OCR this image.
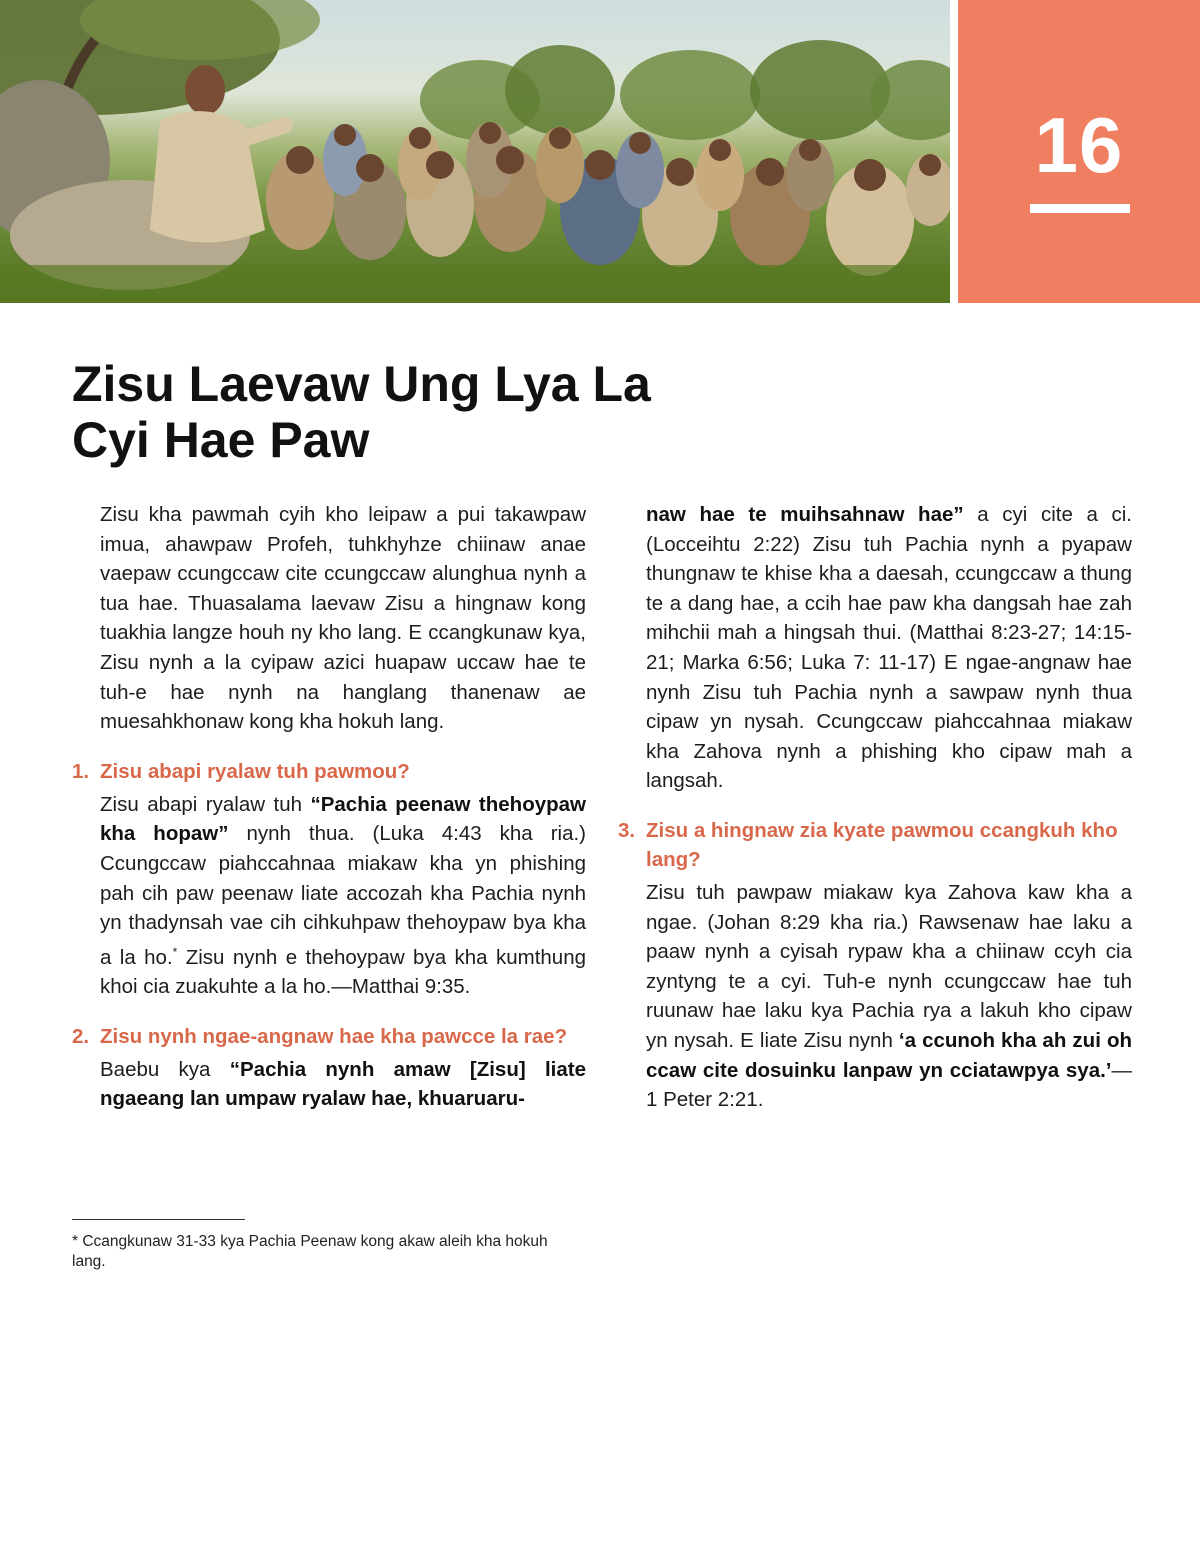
16
Zisu Laevaw Ung Lya La
Cyi Hae Paw

Zisu kha pawmah cyih kho leipaw a pui takawpaw imua, ahawpaw Profeh, tuhkhyhze chiinaw anae vaepaw ccungccaw cite ccungccaw alunghua nynh a tua hae. Thuasalama laevaw Zisu a hingnaw kong tuakhia langze houh ny kho lang. E ccangkunaw kya, Zisu nynh a la cyipaw azici huapaw uccaw hae te tuh-e hae nynh na hanglang thanenaw ae muesahkhonaw kong kha hokuh lang.

1. Zisu abapi ryalaw tuh pawmou?

Zisu abapi ryalaw tuh “Pachia peenaw thehoypaw kha hopaw” nynh thua. (Luka 4:43 kha ria.) Ccungccaw piahccahnaa miakaw kha yn phishing pah cih paw peenaw liate accozah kha Pachia nynh yn thadynsah vae cih cihkuhpaw thehoypaw bya kha a la ho.* Zisu nynh e thehoypaw bya kha kumthung khoi cia zuakuhte a la ho.—Matthai 9:35.

2. Zisu nynh ngae-angnaw hae kha pawcce la rae?

Baebu kya “Pachia nynh amaw [Zisu] liate ngaeang lan umpaw ryalaw hae, khuaruaru-

naw hae te muihsahnaw hae” a cyi cite a ci. (Locceihtu 2:22) Zisu tuh Pachia nynh a pyapaw thungnaw te khise kha a daesah, ccungccaw a thung te a dang hae, a ccih hae paw kha dangsah hae zah mihchii mah a hingsah thui. (Matthai 8:23-27; 14:15-21; Marka 6:56; Luka 7: 11-17) E ngae-angnaw hae nynh Zisu tuh Pachia nynh a sawpaw nynh thua cipaw yn nysah. Ccungccaw piahccahnaa miakaw kha Zahova nynh a phishing kho cipaw mah a langsah.

3. Zisu a hingnaw zia kyate pawmou ccangkuh kho lang?

Zisu tuh pawpaw miakaw kya Zahova kaw kha a ngae. (Johan 8:29 kha ria.) Rawsenaw hae laku a paaw nynh a cyisah rypaw kha a chiinaw ccyh cia zyntyng te a cyi. Tuh-e nynh ccungccaw hae tuh ruunaw hae laku kya Pachia rya a lakuh kho cipaw yn nysah. E liate Zisu nynh ‘a ccunoh kha ah zui oh ccaw cite dosuinku lanpaw yn cciatawpya sya.’—1 Peter 2:21.

* Ccangkunaw 31-33 kya Pachia Peenaw kong akaw aleih kha hokuh lang.
